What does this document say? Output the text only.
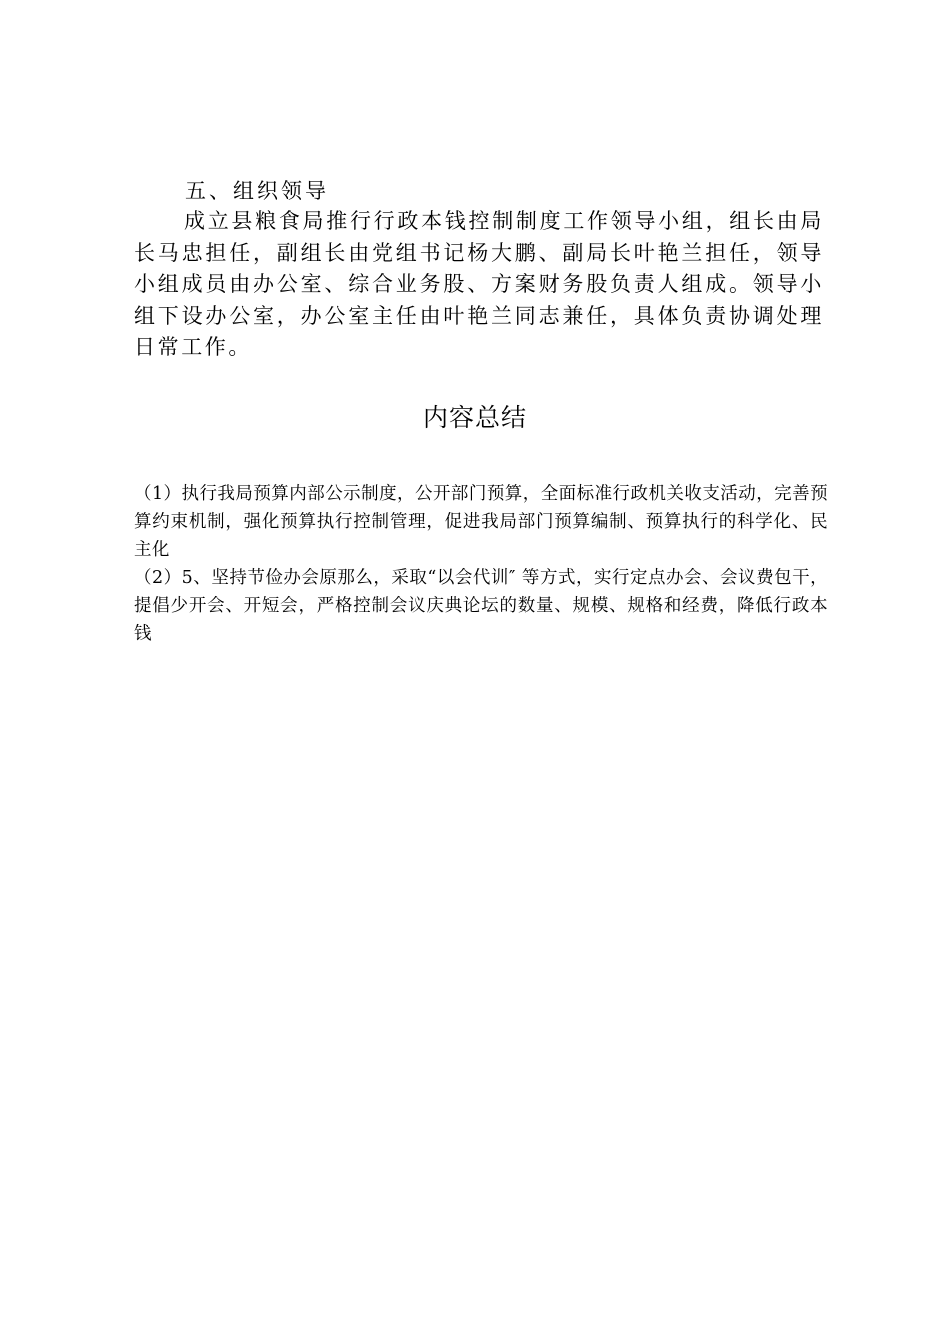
五、组织领导

成立县粮食局推行行政本钱控制制度工作领导小组，组长由局长马忠担任，副组长由党组书记杨大鹏、副局长叶艳兰担任，领导小组成员由办公室、综合业务股、方案财务股负责人组成。领导小组下设办公室，办公室主任由叶艳兰同志兼任，具体负责协调处理日常工作。

内容总结
（1）执行我局预算内部公示制度，公开部门预算，全面标准行政机关收支活动，完善预算约束机制，强化预算执行控制管理，促进我局部门预算编制、预算执行的科学化、民主化
（2）5、坚持节俭办会原那么，采取“以会代训″ 等方式，实行定点办会、会议费包干，提倡少开会、开短会，严格控制会议庆典论坛的数量、规模、规格和经费，降低行政本钱
